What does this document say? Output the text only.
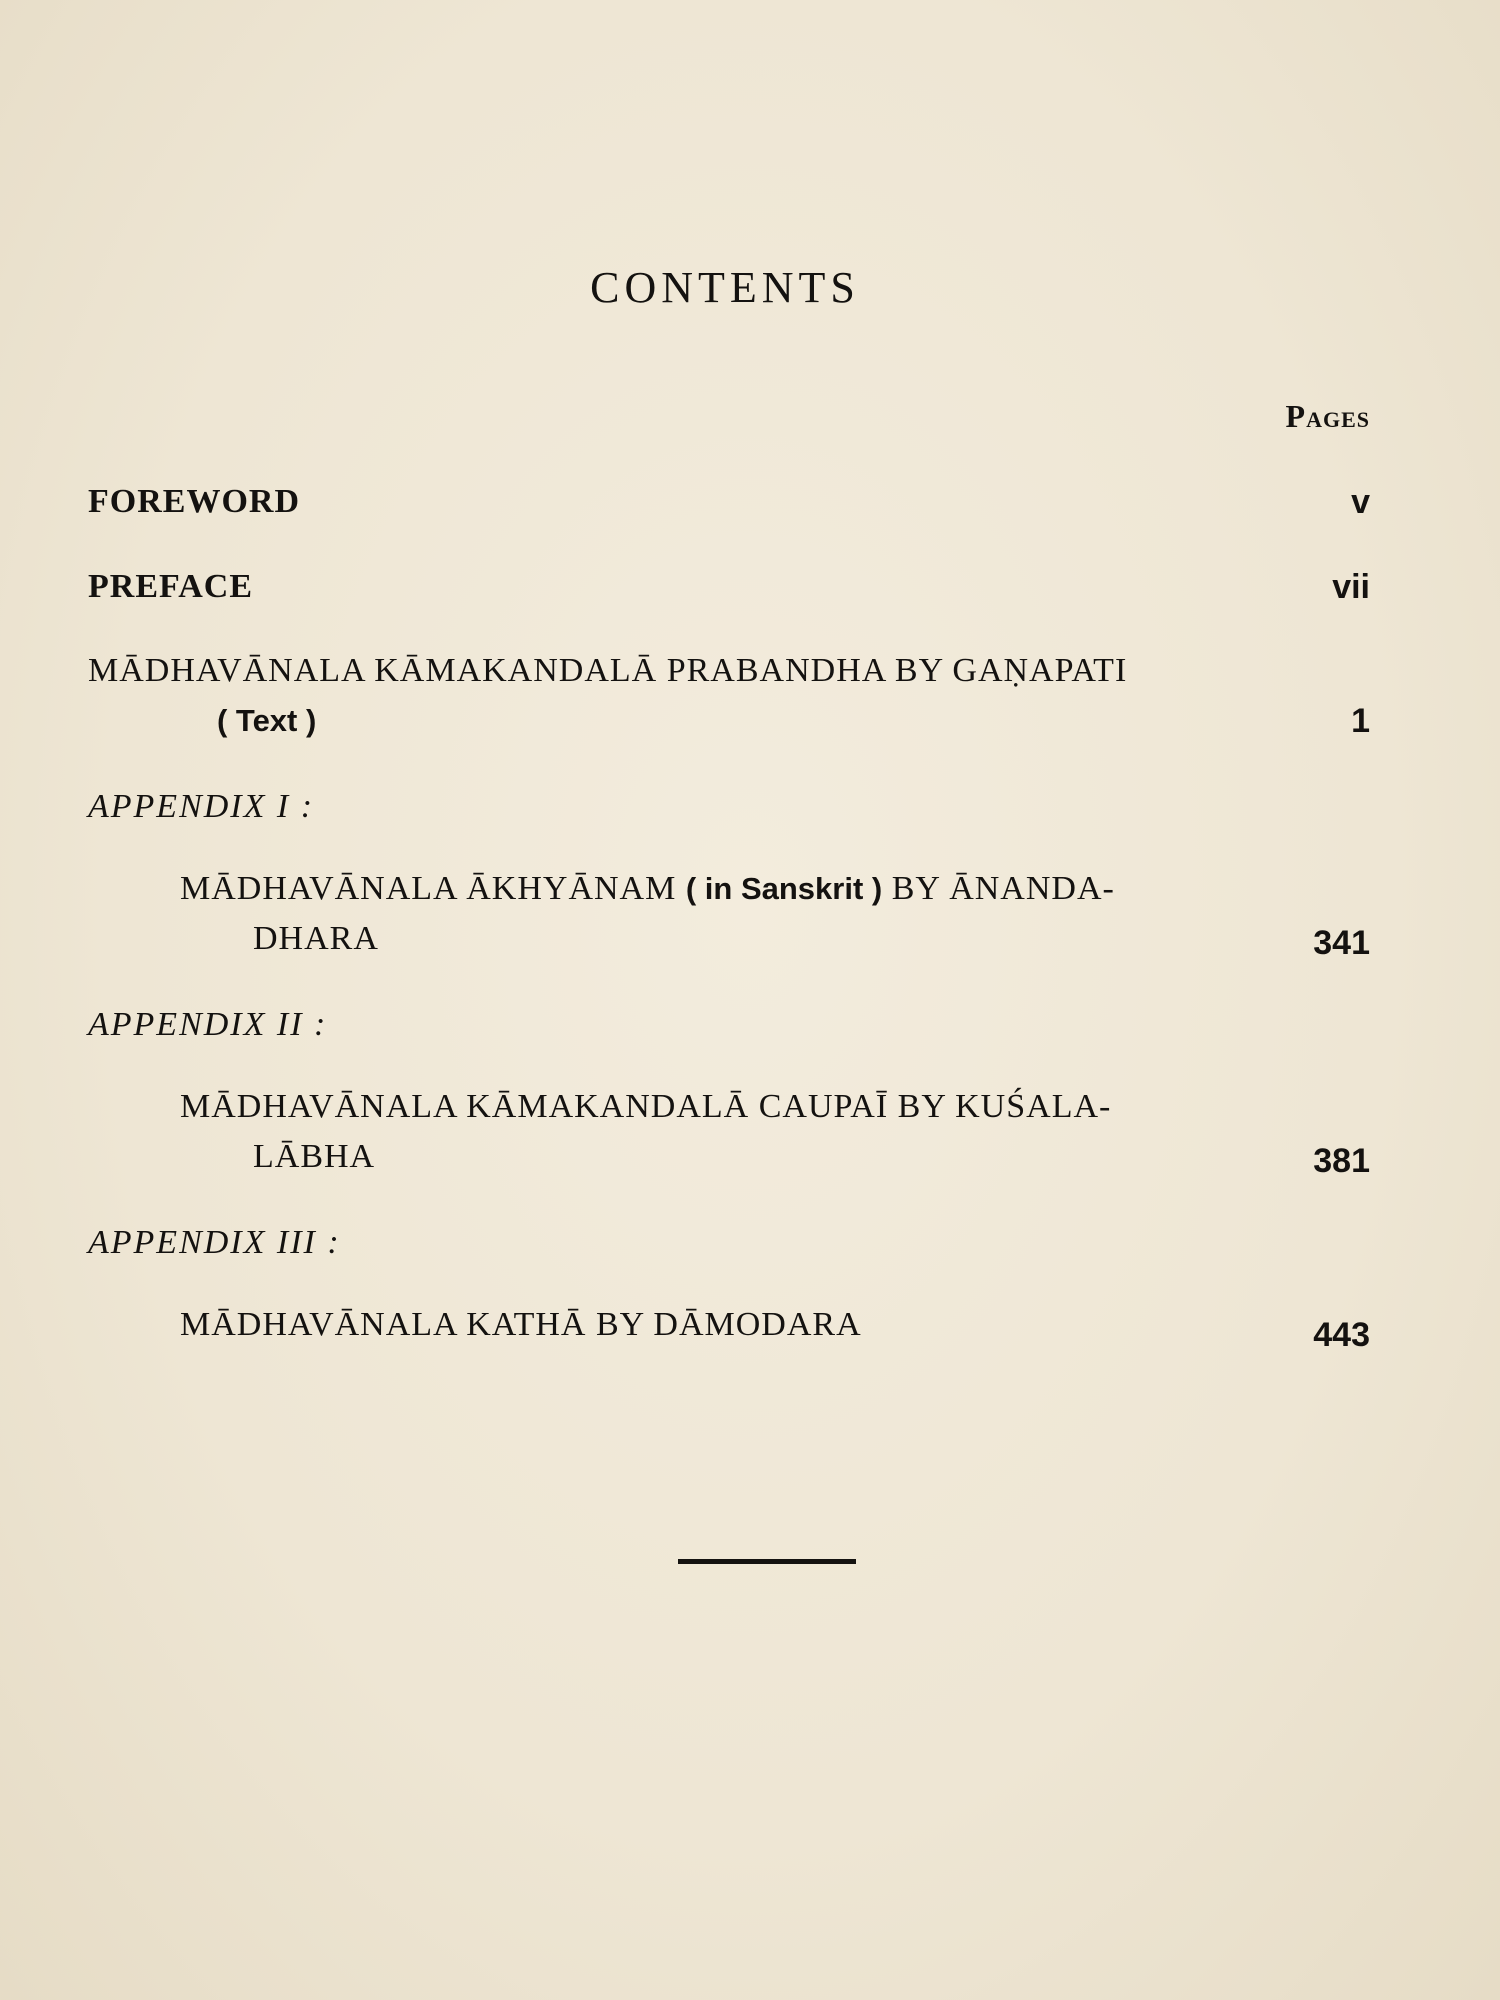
CONTENTS
Pages
FOREWORD	v
PREFACE	vii
MĀDHAVĀNALA KĀMAKANDALĀ PRABANDHA BY GAṆAPATI
( Text )	1
APPENDIX I :
MĀDHAVĀNALA ĀKHYĀNAM ( in Sanskrit ) BY ĀNANDA-
DHARA	341
APPENDIX II :
MĀDHAVĀNALA KĀMAKANDALĀ CAUPAĪ BY KUŚALA-
LĀBHA	381
APPENDIX III :
MĀDHAVĀNALA KATHĀ BY DĀMODARA	443
